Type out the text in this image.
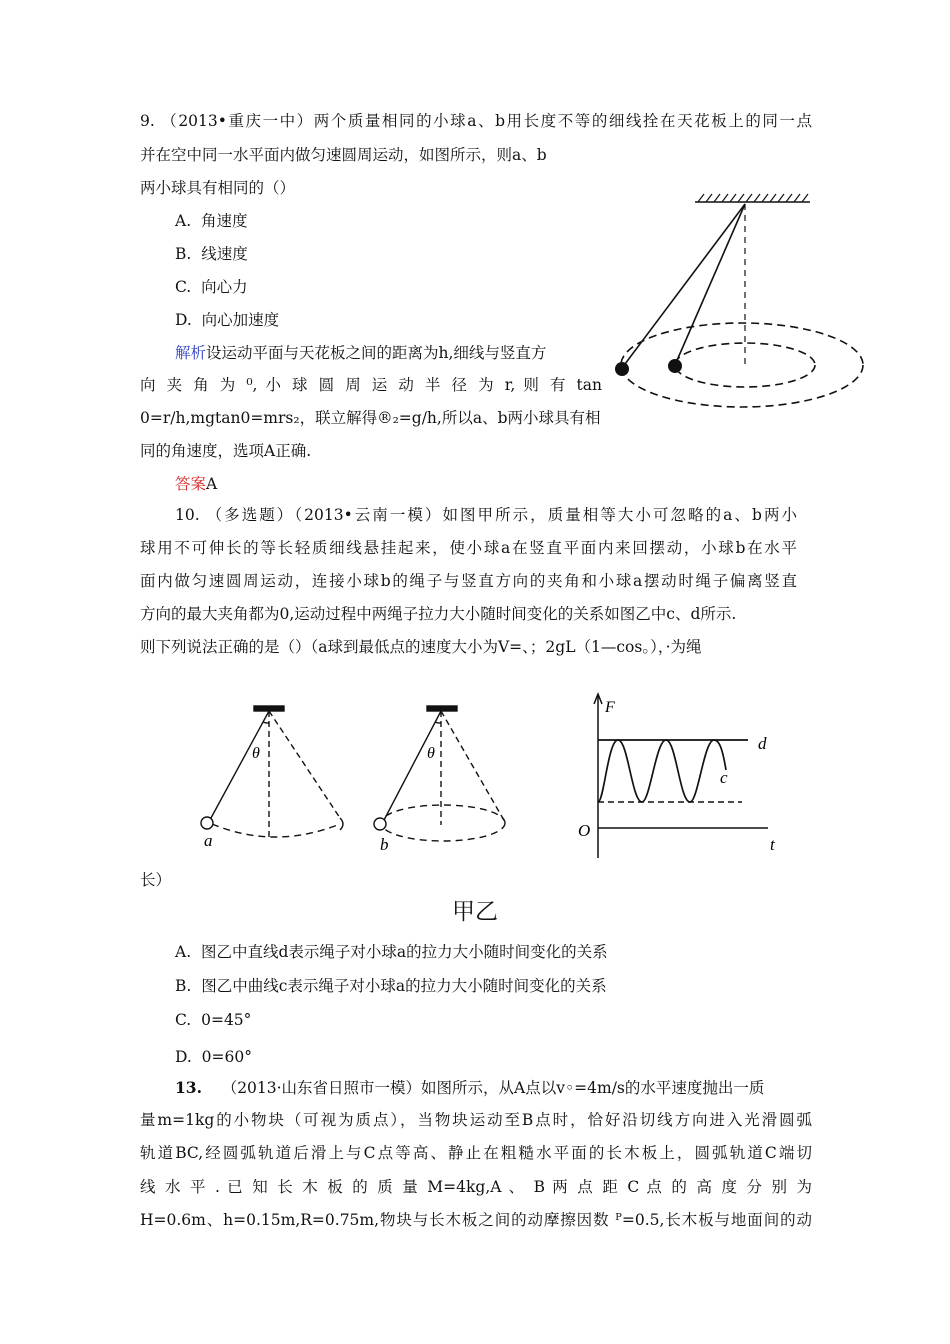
9. （2013•重庆一中）两个质量相同的小球a、b用长度不等的细线拴在天花板上的同一点
并在空中同一水平面内做匀速圆周运动，如图所示，则a、b
两小球具有相同的（）
A. 角速度
B. 线速度
C. 向心力
D. 向心加速度
解析设运动平面与天花板之间的距离为h,细线与竖直方
向 夹 角 为 ⁰, 小 球 圆 周 运 动 半 径 为 r, 则 有 tan
0=r/h,mgtan0=mrs₂，联立解得®₂=g/h,所以a、b两小球具有相
同的角速度，选项A正确.
答案A
10. （多选题）（2013•云南一模）如图甲所示，质量相等大小可忽略的a、b两小
球用不可伸长的等长轻质细线悬挂起来，使小球a在竖直平面内来回摆动，小球b在水平
面内做匀速圆周运动，连接小球b的绳子与竖直方向的夹角和小球a摆动时绳子偏离竖直
方向的最大夹角都为0,运动过程中两绳子拉力大小随时间变化的关系如图乙中c、d所示.
则下列说法正确的是（）（a球到最低点的速度大小为V=、；2gL（1—cos。），·为绳
θ
a
θ
b
F
O
t
d
c
长）
甲乙
A. 图乙中直线d表示绳子对小球a的拉力大小随时间变化的关系
B. 图乙中曲线c表示绳子对小球a的拉力大小随时间变化的关系
C. 0=45°
D. 0=60°
13. （2013·山东省日照市一模）如图所示，从A点以v◦=4m/s的水平速度抛出一质
量m=1kg的小物块（可视为质点），当物块运动至B点时，恰好沿切线方向进入光滑圆弧
轨道BC,经圆弧轨道后滑上与C点等高、静止在粗糙水平面的长木板上，圆弧轨道C端切
线 水 平 . 已 知 长 木 板 的 质 量 M=4kg,A 、 B 两 点 距 C 点 的 高 度 分 别 为
H=0.6m、h=0.15m,R=0.75m,物块与长木板之间的动摩擦因数 ᴾ=0.5,长木板与地面间的动
